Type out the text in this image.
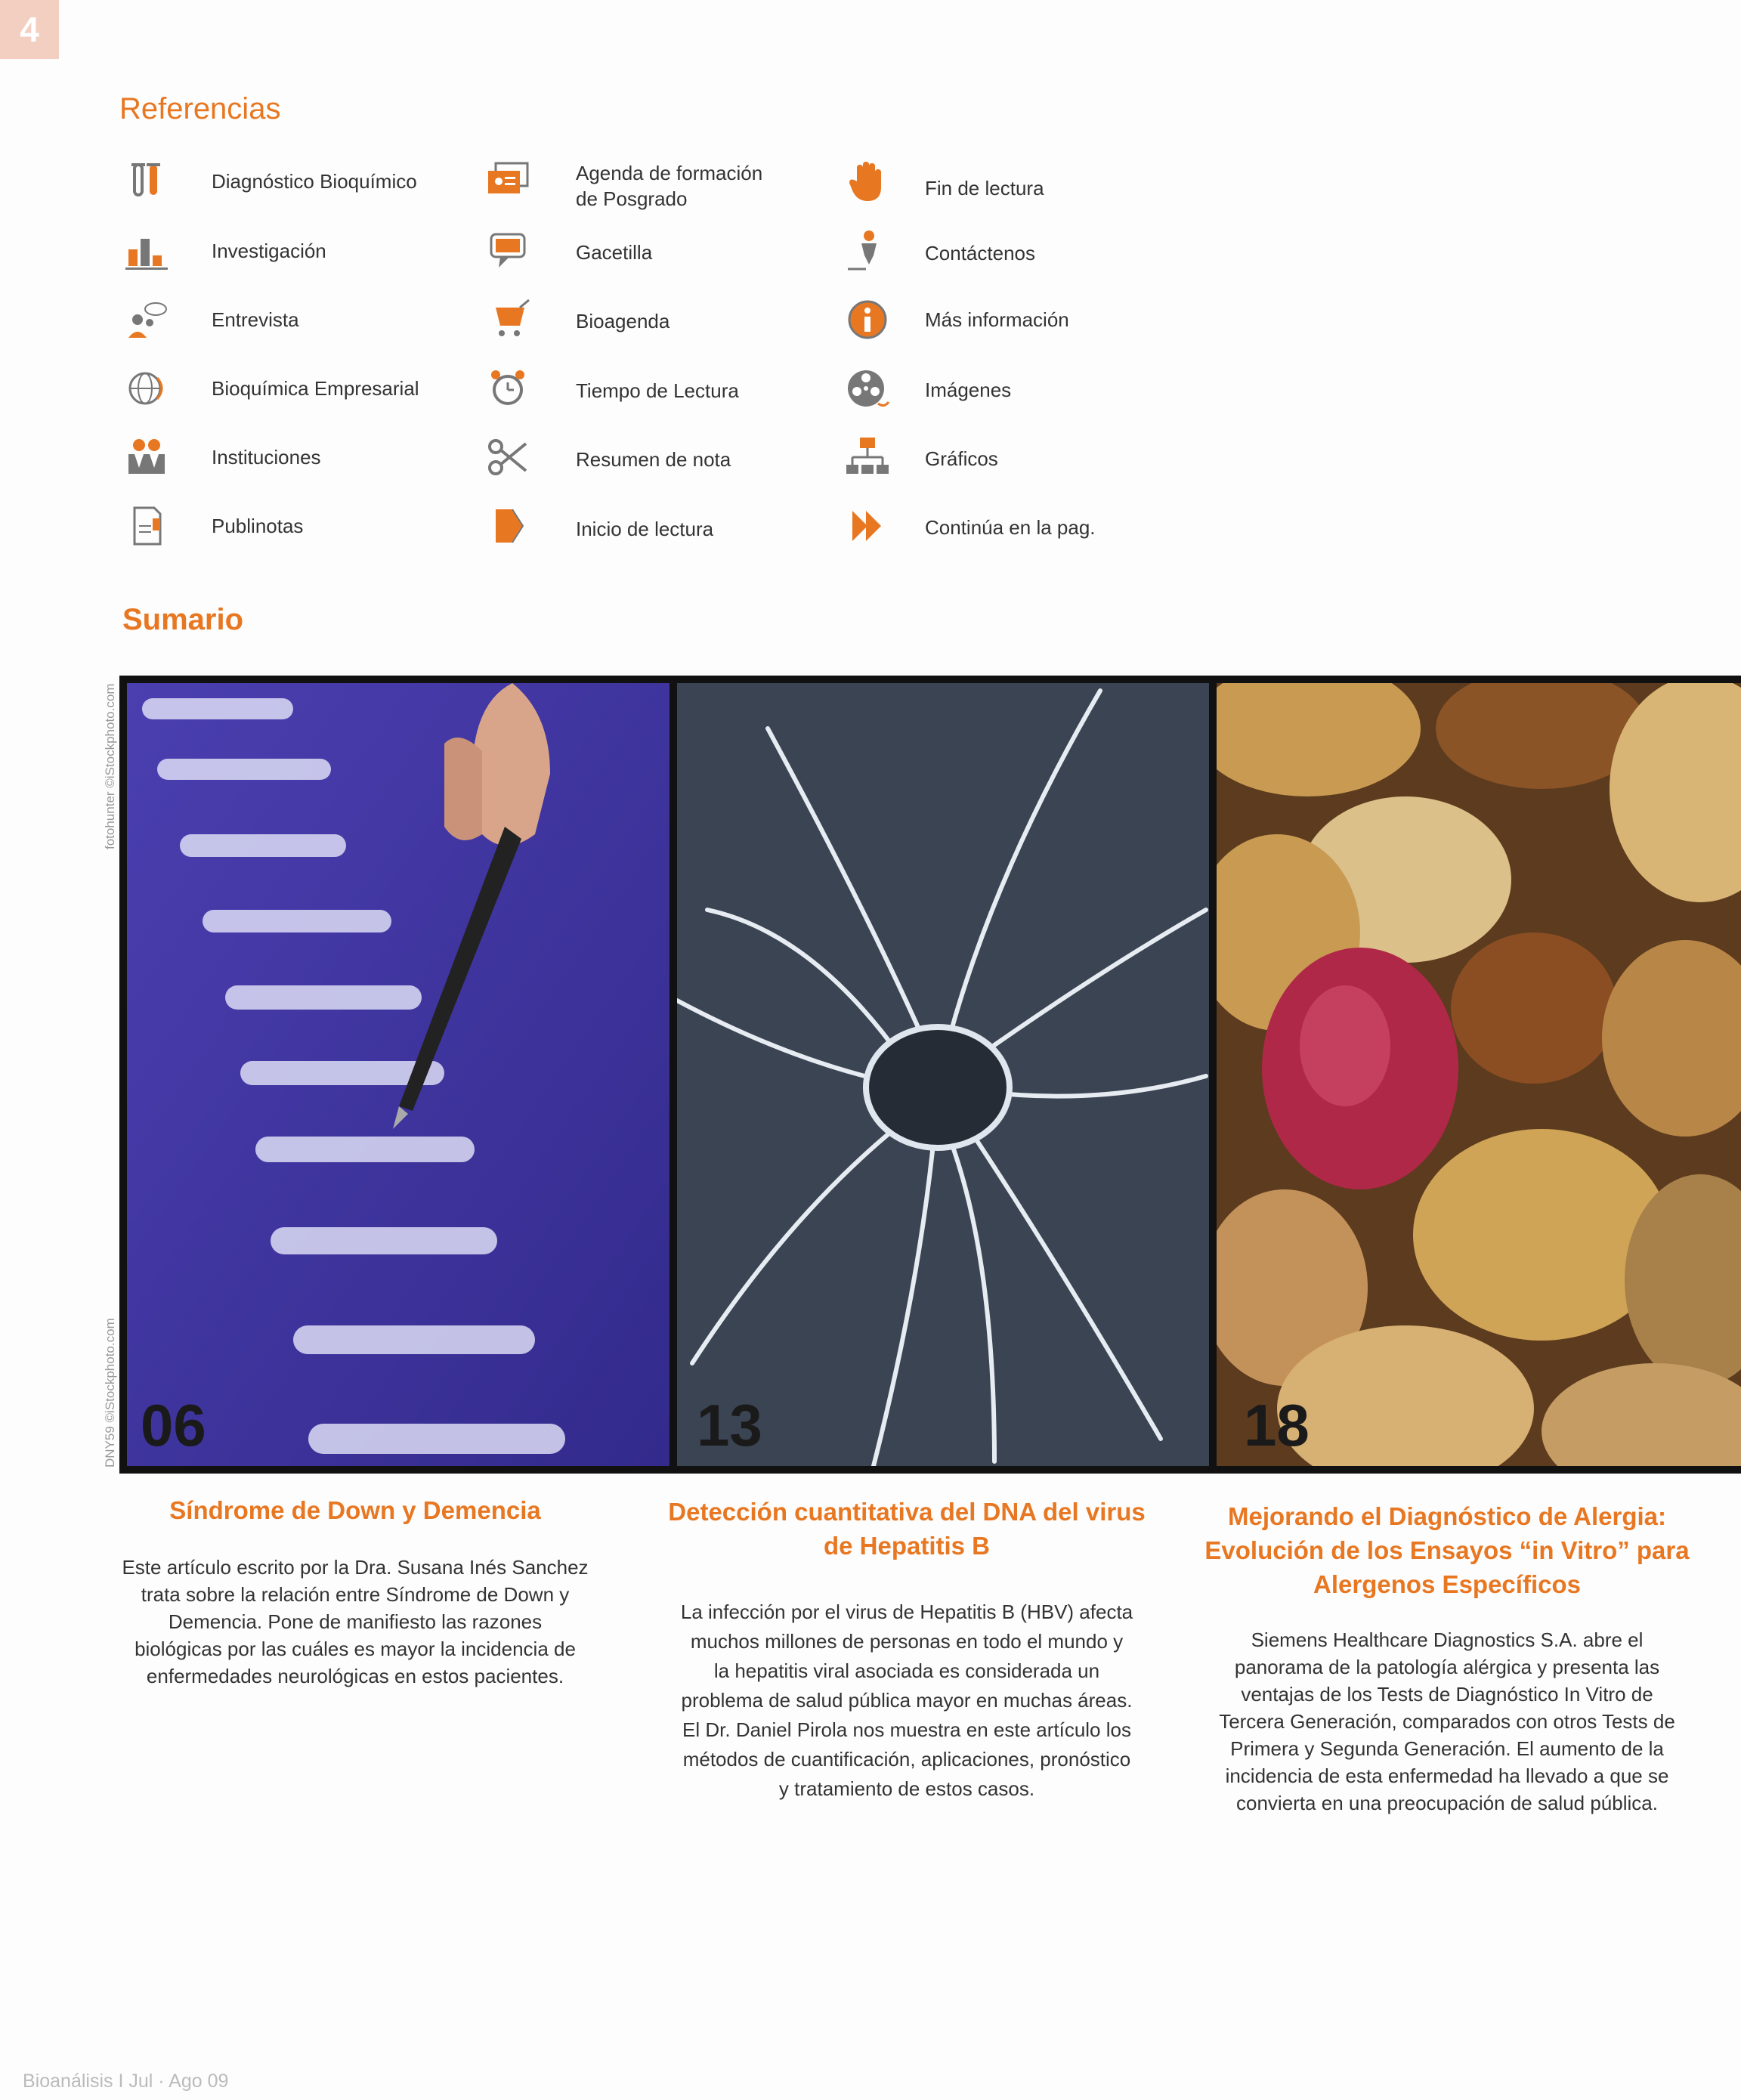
4
Referencias
Diagnóstico Bioquímico
Investigación
Entrevista
Bioquímica Empresarial
Instituciones
Publinotas
Agenda de formación
de Posgrado
Gacetilla
Bioagenda
Tiempo de Lectura
Resumen de nota
Inicio de lectura
Fin de lectura
Contáctenos
Más información
Imágenes
Gráficos
Continúa en la pag.
Sumario
fotohunter ©iStockphoto.com
DNY59 ©iStockphoto.com 06	13	18
Síndrome de Down y Demencia
Este artículo escrito por la Dra. Susana Inés Sanchez
trata sobre la relación entre Síndrome de Down y
Demencia. Pone de manifiesto las razones
biológicas por las cuáles es mayor la incidencia de
enfermedades neurológicas en estos pacientes.
Detección cuantitativa del DNA del virus
de Hepatitis B
La infección por el virus de Hepatitis B (HBV) afecta
muchos millones de personas en todo el mundo y
la hepatitis viral asociada es considerada un
problema de salud pública mayor en muchas áreas.
El Dr. Daniel Pirola nos muestra en este artículo los
métodos de cuantificación, aplicaciones, pronóstico
y tratamiento de estos casos.
Mejorando el Diagnóstico de Alergia:
Evolución de los Ensayos “in Vitro” para
Alergenos Específicos
Siemens Healthcare Diagnostics S.A. abre el
panorama de la patología alérgica y presenta las
ventajas de los Tests de Diagnóstico In Vitro de
Tercera Generación, comparados con otros Tests de
Primera y Segunda Generación. El aumento de la
incidencia de esta enfermedad ha llevado a que se
convierta en una preocupación de salud pública.
Bioanálisis I Jul · Ago 09
